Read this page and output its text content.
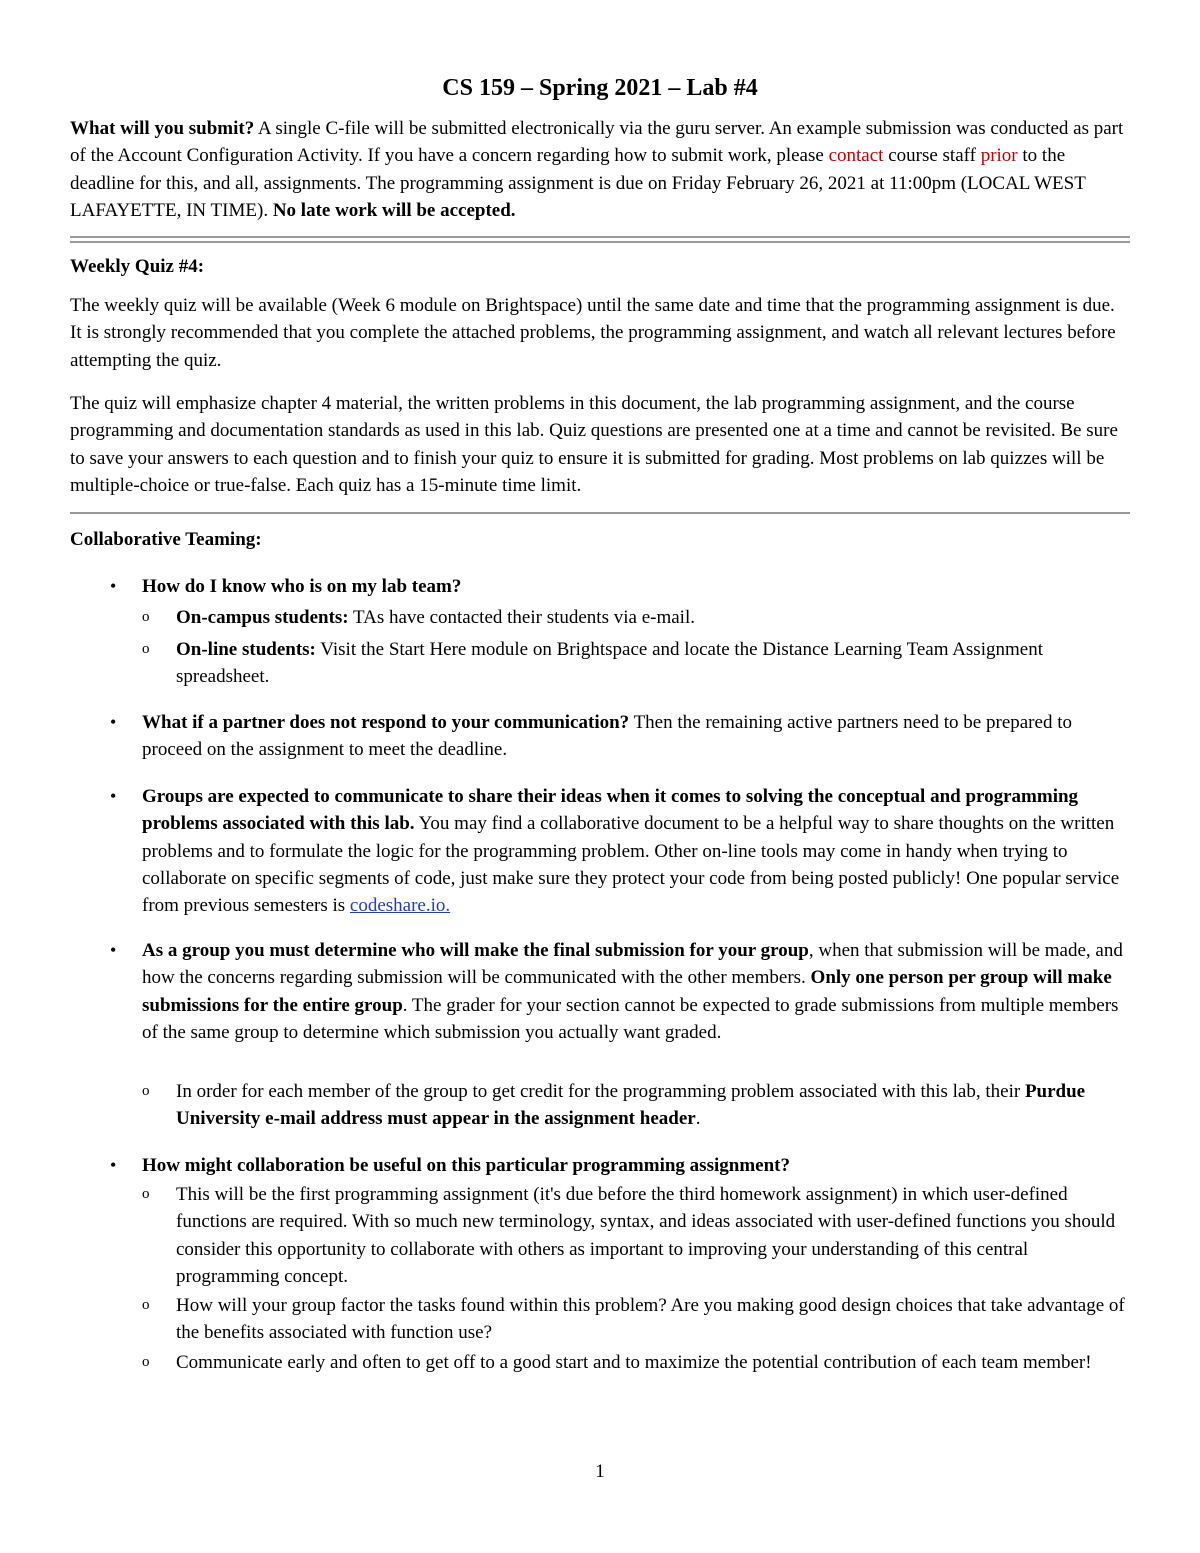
CS 159 – Spring 2021 – Lab #4

What will you submit? A single C-file will be submitted electronically via the guru server. An example submission was conducted as part of the Account Configuration Activity. If you have a concern regarding how to submit work, please contact course staff prior to the deadline for this, and all, assignments. The programming assignment is due on Friday February 26, 2021 at 11:00pm (LOCAL WEST LAFAYETTE, IN TIME). No late work will be accepted.

Weekly Quiz #4:

The weekly quiz will be available (Week 6 module on Brightspace) until the same date and time that the programming assignment is due. It is strongly recommended that you complete the attached problems, the programming assignment, and watch all relevant lectures before attempting the quiz.

The quiz will emphasize chapter 4 material, the written problems in this document, the lab programming assignment, and the course programming and documentation standards as used in this lab. Quiz questions are presented one at a time and cannot be revisited. Be sure to save your answers to each question and to finish your quiz to ensure it is submitted for grading. Most problems on lab quizzes will be multiple-choice or true-false. Each quiz has a 15-minute time limit.

Collaborative Teaming:

•	How do I know who is on my lab team?

o	On-campus students: TAs have contacted their students via e-mail.

o	On-line students: Visit the Start Here module on Brightspace and locate the Distance Learning Team Assignment spreadsheet.

•	What if a partner does not respond to your communication? Then the remaining active partners need to be prepared to proceed on the assignment to meet the deadline.

•	Groups are expected to communicate to share their ideas when it comes to solving the conceptual and programming problems associated with this lab. You may find a collaborative document to be a helpful way to share thoughts on the written problems and to formulate the logic for the programming problem. Other on-line tools may come in handy when trying to collaborate on specific segments of code, just make sure they protect your code from being posted publicly! One popular service from previous semesters is codeshare.io.

•	As a group you must determine who will make the final submission for your group, when that submission will be made, and how the concerns regarding submission will be communicated with the other members. Only one person per group will make submissions for the entire group. The grader for your section cannot be expected to grade submissions from multiple members of the same group to determine which submission you actually want graded.

o	In order for each member of the group to get credit for the programming problem associated with this lab, their Purdue University e-mail address must appear in the assignment header.

•	How might collaboration be useful on this particular programming assignment?

o	This will be the first programming assignment (it's due before the third homework assignment) in which user-defined functions are required. With so much new terminology, syntax, and ideas associated with user-defined functions you should consider this opportunity to collaborate with others as important to improving your understanding of this central programming concept.

o	How will your group factor the tasks found within this problem? Are you making good design choices that take advantage of the benefits associated with function use?

o	Communicate early and often to get off to a good start and to maximize the potential contribution of each team member!

1
